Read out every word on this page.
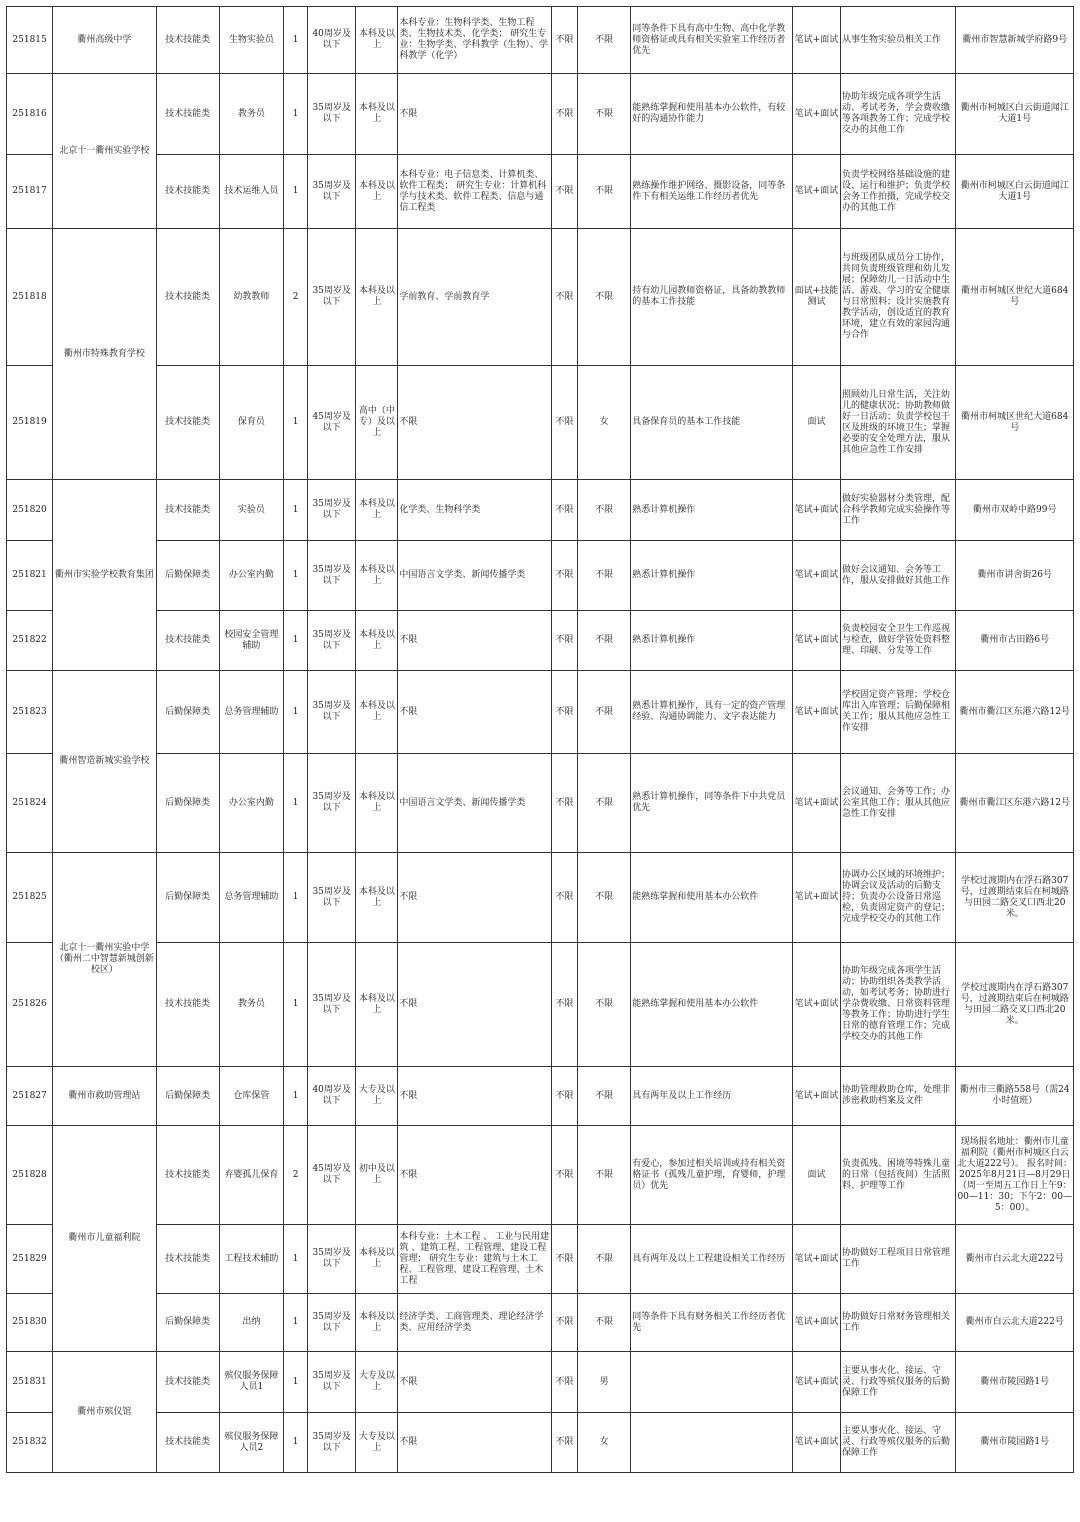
251815	衢州高级中学	技术技能类	生物实验员	1	40周岁及以下	本科及以上	本科专业：生物科学类、生物工程类、生物技术类、化学类； 研究生专业：生物学类、学科教学（生物）、学科教学（化学）	不限	不限	同等条件下具有高中生物、高中化学教师资格证或具有相关实验室工作经历者优先	笔试+面试	从事生物实验员相关工作	衢州市智慧新城学府路9号
251816	北京十一衢州实验学校	技术技能类	教务员	1	35周岁及以下	本科及以上	不限	不限	不限	能熟练掌握和使用基本办公软件，有较好的沟通协作能力	笔试+面试	协助年级完成各项学生活动、考试考务，学会费收缴等各项教务工作；完成学校交办的其他工作	衢州市柯城区白云街道闻江大道1号
251817		技术技能类	技术运维人员	1	35周岁及以下	本科及以上	本科专业：电子信息类、计算机类、软件工程类； 研究生专业：计算机科学与技术类、软件工程类、信息与通信工程类	不限	不限	熟练操作维护网络、摄影设备，同等条件下有相关运维工作经历者优先	笔试+面试	负责学校网络基础设施的建设、运行和维护；负责学校会务工作拍摄，完成学校交办的其他工作	衢州市柯城区白云街道闻江大道1号
251818	衢州市特殊教育学校	技术技能类	幼教教师	2	35周岁及以下	本科及以上	学前教育、学前教育学	不限	不限	持有幼儿园教师资格证，具备幼教教师的基本工作技能	面试+技能测试	与班级团队成员分工协作，共同负责班级管理和幼儿发展；保障幼儿一日活动中生活、游戏、学习的安全健康与日常照料；设计实施教育教学活动，创设适宜的教育环境，建立有效的家园沟通与合作	衢州市柯城区世纪大道684号
251819		技术技能类	保育员	1	45周岁及以下	高中（中专）及以上	不限	不限	女	具备保育员的基本工作技能	面试	照顾幼儿日常生活，关注幼儿的健康状况；协助教师做好一日活动；负责学校包干区及班级的环境卫生；掌握必要的安全处理方法，服从其他应急性工作安排	衢州市柯城区世纪大道684号
251820	衢州市实验学校教育集团	技术技能类	实验员	1	35周岁及以下	本科及以上	化学类、生物科学类	不限	不限	熟悉计算机操作	笔试+面试	做好实验器材分类管理，配合科学教师完成实验操作等工作	衢州市双岭中路99号
251821		后勤保障类	办公室内勤	1	35周岁及以下	本科及以上	中国语言文学类、新闻传播学类	不限	不限	熟悉计算机操作	笔试+面试	做好会议通知、会务等工作，服从安排做好其他工作	衢州市讲舍街26号
251822		技术技能类	校园安全管理辅助	1	35周岁及以下	本科及以上	不限	不限	不限	熟悉计算机操作	笔试+面试	负责校园安全卫生工作巡视与检查，做好学管处资料整理、印刷、分发等工作	衢州市古田路6号
251823	衢州智造新城实验学校	后勤保障类	总务管理辅助	1	35周岁及以下	本科及以上	不限	不限	不限	熟悉计算机操作，具有一定的资产管理经验、沟通协调能力、文字表达能力	笔试+面试	学校固定资产管理；学校仓库出入库管理；后勤保障相关工作；服从其他应急性工作安排	衢州市衢江区东港六路12号
251824		后勤保障类	办公室内勤	1	35周岁及以下	本科及以上	中国语言文学类、新闻传播学类	不限	不限	熟悉计算机操作，同等条件下中共党员优先	笔试+面试	会议通知、会务等工作；办公室其他工作；服从其他应急性工作安排	衢州市衢江区东港六路12号
251825	北京十一衢州实验中学（衢州二中智慧新城创新校区）	后勤保障类	总务管理辅助	1	35周岁及以下	本科及以上	不限	不限	不限	能熟练掌握和使用基本办公软件	笔试+面试	协调办公区域的环境维护；协调会议及活动的后勤支持；负责办公设备日常巡检，负责固定资产的登记；完成学校交办的其他工作	学校过渡期内在浮石路307号，过渡期结束后在柯城路与田园二路交叉口西北20米。
251826		技术技能类	教务员	1	35周岁及以下	本科及以上	不限	不限	不限	能熟练掌握和使用基本办公软件	笔试+面试	协助年级完成各项学生活动；协助组织各类教学活动，如考试考务；协助进行学杂费收缴、日常资料管理等教务工作；协助进行学生日常的德育管理工作；完成学校交办的其他工作	学校过渡期内在浮石路307号，过渡期结束后在柯城路与田园二路交叉口西北20米。
251827	衢州市救助管理站	后勤保障类	仓库保管	1	40周岁及以下	大专及以上	不限	不限	不限	具有两年及以上工作经历	笔试+面试	协助管理救助仓库，处理非涉密救助档案及文件	衢州市三衢路558号（需24小时值班）
251828	衢州市儿童福利院	技术技能类	弃婴孤儿保育	2	45周岁及以下	初中及以上	不限	不限	不限	有爱心，参加过相关培训或持有相关资格证书（孤残儿童护理，育婴师，护理员）优先	面试	负责孤残、困境等特殊儿童的日常（包括夜间）生活照料、护理等工作	现场报名地址：衢州市儿童福利院（衢州市柯城区白云北大道222号）。 报名时间：2025年8月21日—8月29日（周一至周五工作日上午9：00—11：30；下午2：00—5：00）。
251829		技术技能类	工程技术辅助	1	35周岁及以下	本科及以上	本科专业：土木工程 、 工业与民用建筑 、建筑工程、工程管理、建设工程管理； 研究生专业：建筑与土木工程、工程管理、建设工程管理、土木工程	不限	不限	具有两年及以上工程建设相关工作经历	笔试+面试	协助做好工程项目日常管理工作	衢州市白云北大道222号
251830		后勤保障类	出纳	1	35周岁及以下	本科及以上	经济学类、工商管理类、理论经济学类、应用经济学类	不限	不限	同等条件下具有财务相关工作经历者优先	笔试+面试	协助做好日常财务管理相关工作	衢州市白云北大道222号
251831	衢州市殡仪馆	技术技能类	殡仪服务保障人员1	1	35周岁及以下	大专及以上	不限	不限	男		笔试+面试	主要从事火化、接运、守灵、行政等殡仪服务的后勤保障工作	衢州市陵园路1号
251832		技术技能类	殡仪服务保障人员2	1	35周岁及以下	大专及以上	不限	不限	女		笔试+面试	主要从事火化、接运、守灵、行政等殡仪服务的后勤保障工作	衢州市陵园路1号
